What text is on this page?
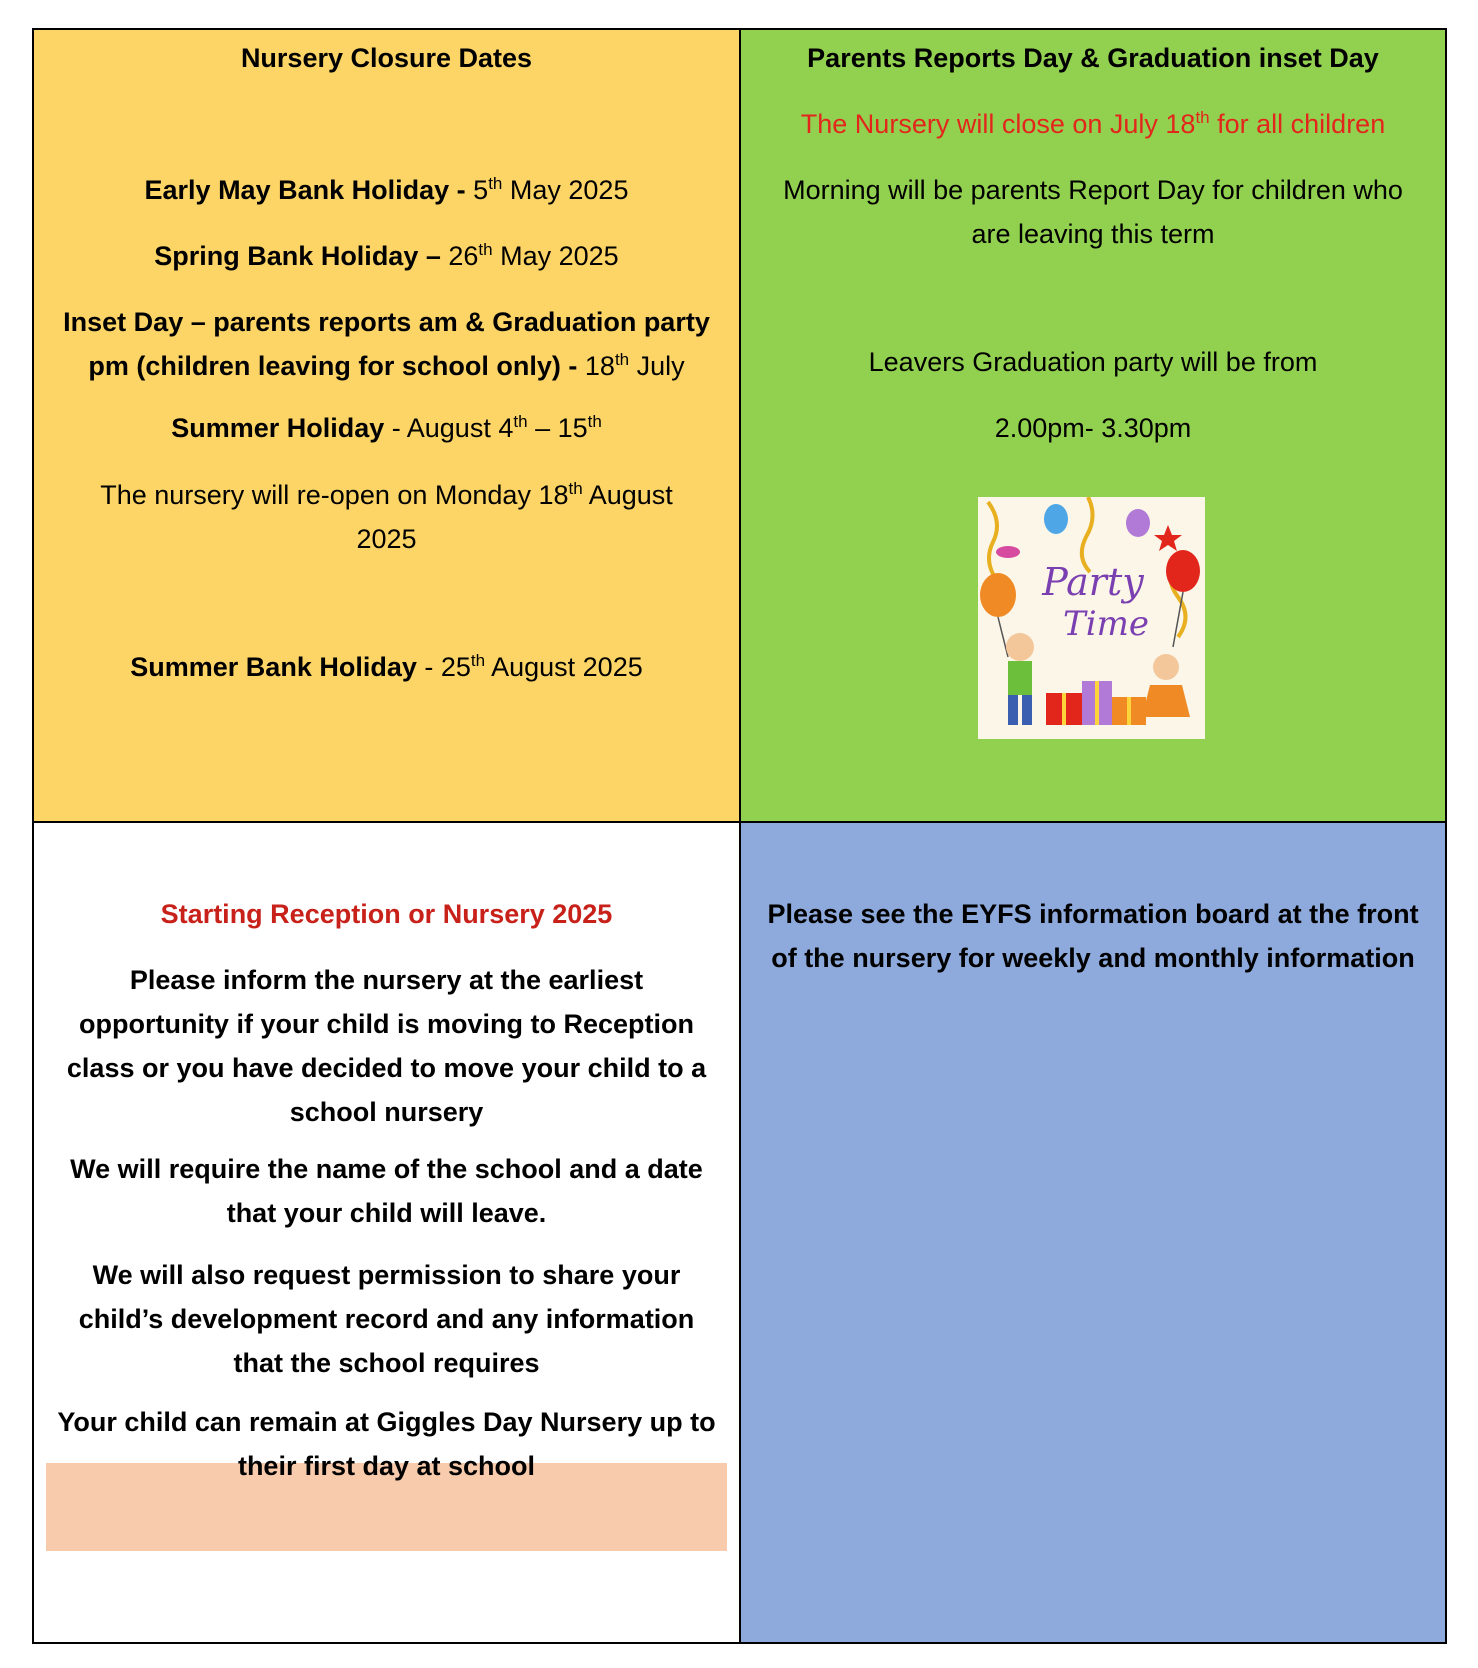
Nursery Closure Dates
Early May Bank Holiday - 5th May 2025
Spring Bank Holiday – 26th May 2025
Inset Day – parents reports am & Graduation party
pm (children leaving for school only) - 18th July
Summer Holiday - August 4th – 15th
The nursery will re-open on Monday 18th August
2025
Summer Bank Holiday - 25th August 2025
Parents Reports Day & Graduation inset Day
The Nursery will close on July 18th for all children
Morning will be parents Report Day for children who
are leaving this term
Leavers Graduation party will be from
2.00pm- 3.30pm
Party
Time
Starting Reception or Nursery 2025
Please inform the nursery at the earliest
opportunity if your child is moving to Reception
class or you have decided to move your child to a
school nursery
We will require the name of the school and a date
that your child will leave.
We will also request permission to share your
child’s development record and any information
that the school requires
Your child can remain at Giggles Day Nursery up to
their first day at school
Please see the EYFS information board at the front
of the nursery for weekly and monthly information
